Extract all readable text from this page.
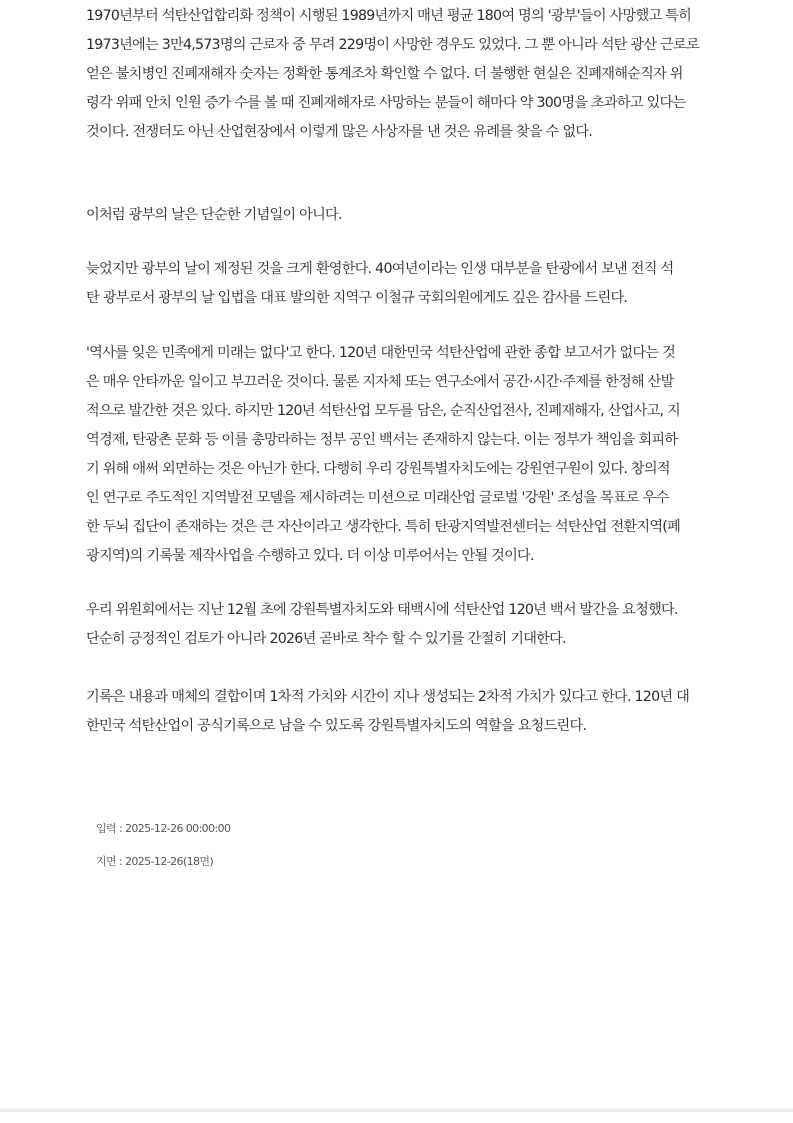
1970년부터 석탄산업합리화 정책이 시행된 1989년까지 매년 평균 180여 명의 '광부'들이 사망했고 특히
1973년에는 3만4,573명의 근로자 중 무려 229명이 사망한 경우도 있었다. 그 뿐 아니라 석탄 광산 근로로
얻은 불치병인 진폐재해자 숫자는 정확한 통계조차 확인할 수 없다. 더 불행한 현실은 진폐재해순직자 위
령각 위패 안치 인원 증가 수를 볼 때 진폐재해자로 사망하는 분들이 해마다 약 300명을 초과하고 있다는
것이다. 전쟁터도 아닌 산업현장에서 이렇게 많은 사상자를 낸 것은 유례를 찾을 수 없다.

이처럼 광부의 날은 단순한 기념일이 아니다.

늦었지만 광부의 날이 제정된 것을 크게 환영한다. 40여년이라는 인생 대부분을 탄광에서 보낸 전직 석
탄 광부로서 광부의 날 입법을 대표 발의한 지역구 이철규 국회의원에게도 깊은 감사를 드린다.

'역사를 잊은 민족에게 미래는 없다'고 한다. 120년 대한민국 석탄산업에 관한 종합 보고서가 없다는 것
은 매우 안타까운 일이고 부끄러운 것이다. 물론 지자체 또는 연구소에서 공간·시간·주제를 한정해 산발
적으로 발간한 것은 있다. 하지만 120년 석탄산업 모두를 담은, 순직산업전사, 진폐재해자, 산업사고, 지
역경제, 탄광촌 문화 등 이를 총망라하는 정부 공인 백서는 존재하지 않는다. 이는 정부가 책임을 회피하
기 위해 애써 외면하는 것은 아닌가 한다. 다행히 우리 강원특별자치도에는 강원연구원이 있다. 창의적
인 연구로 주도적인 지역발전 모델을 제시하려는 미션으로 미래산업 글로벌 '강원' 조성을 목표로 우수
한 두뇌 집단이 존재하는 것은 큰 자산이라고 생각한다. 특히 탄광지역발전센터는 석탄산업 전환지역(폐
광지역)의 기록물 제작사업을 수행하고 있다. 더 이상 미루어서는 안될 것이다.

우리 위원회에서는 지난 12월 초에 강원특별자치도와 태백시에 석탄산업 120년 백서 발간을 요청했다.
단순히 긍정적인 검토가 아니라 2026년 곧바로 착수 할 수 있기를 간절히 기대한다.

기록은 내용과 매체의 결합이며 1차적 가치와 시간이 지나 생성되는 2차적 가치가 있다고 한다. 120년 대
한민국 석탄산업이 공식기록으로 남을 수 있도록 강원특별자치도의 역할을 요청드린다.

입력 : 2025-12-26 00:00:00
지면 : 2025-12-26(18면)
